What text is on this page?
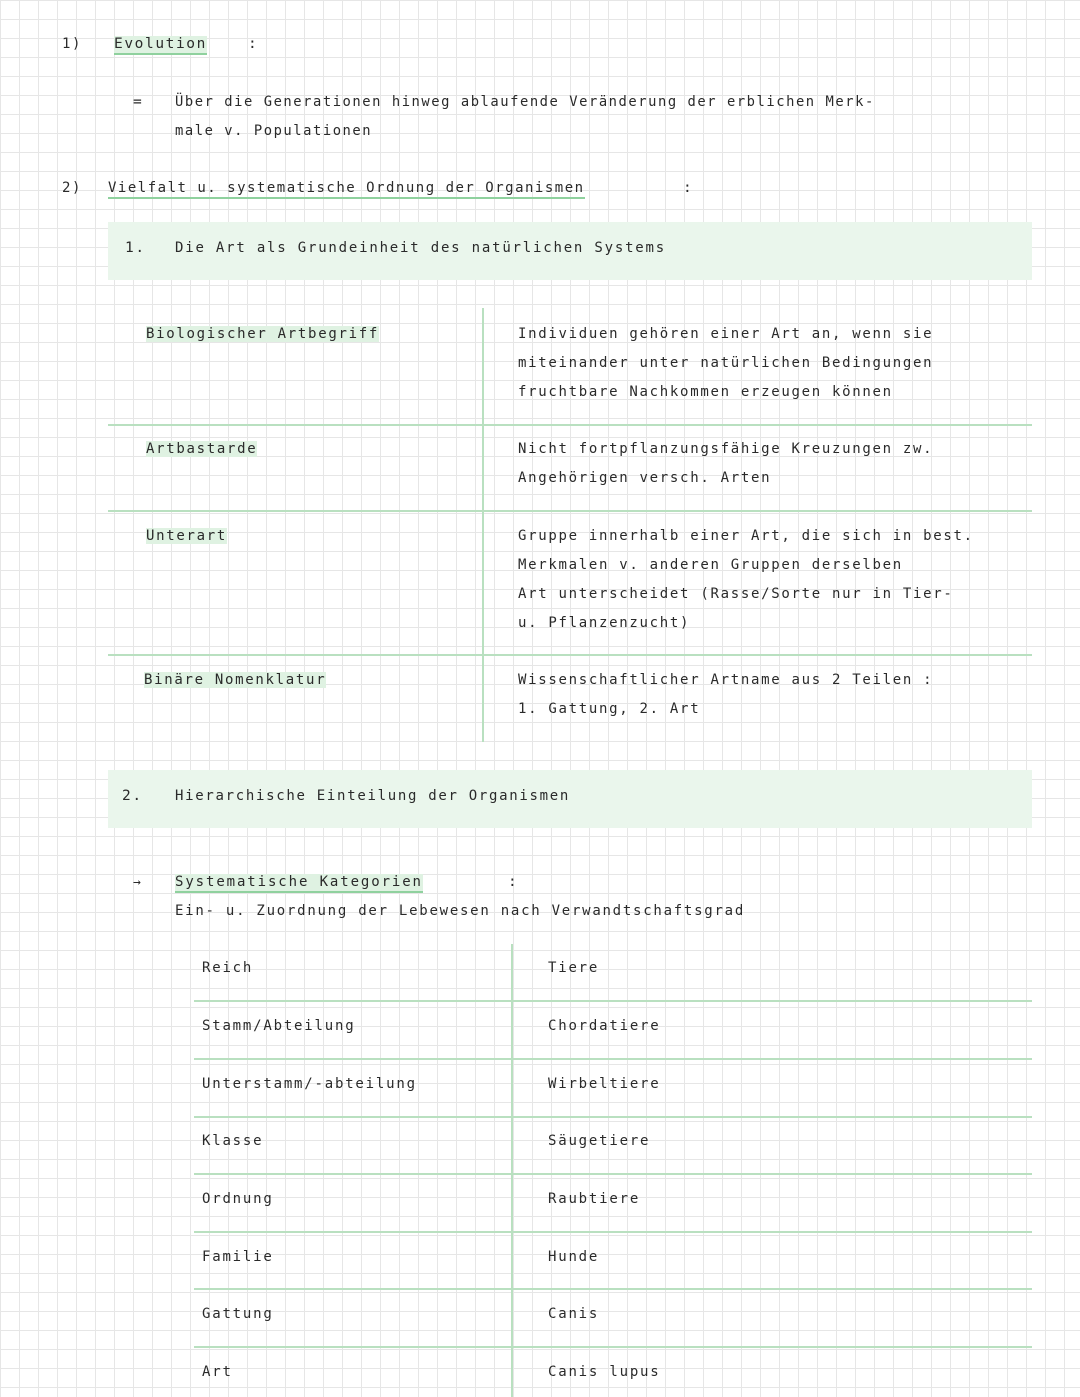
1) Evolution	:
= Über die Generationen hinweg ablaufende Veränderung der erblichen Merk-
male v. Populationen
2) Vielfalt u. systematische Ordnung der Organismen	:
1. Die Art als Grundeinheit des natürlichen Systems
Biologischer Artbegriff	Individuen gehören einer Art an, wenn sie
miteinander unter natürlichen Bedingungen
fruchtbare Nachkommen erzeugen können
Artbastarde	Nicht fortpflanzungsfähige Kreuzungen zw.
Angehörigen versch. Arten
Unterart	Gruppe innerhalb einer Art, die sich in best.
Merkmalen v. anderen Gruppen derselben
Art unterscheidet (Rasse/Sorte nur in Tier-
u. Pflanzenzucht)
Binäre Nomenklatur	Wissenschaftlicher Artname aus 2 Teilen :
1. Gattung, 2. Art
2. Hierarchische Einteilung der Organismen
→ Systematische Kategorien	:
Ein- u. Zuordnung der Lebewesen nach Verwandtschaftsgrad
Reich	Tiere
Stamm/Abteilung	Chordatiere
Unterstamm/-abteilung	Wirbeltiere
Klasse	Säugetiere
Ordnung	Raubtiere
Familie	Hunde
Gattung	Canis
Art	Canis lupus
